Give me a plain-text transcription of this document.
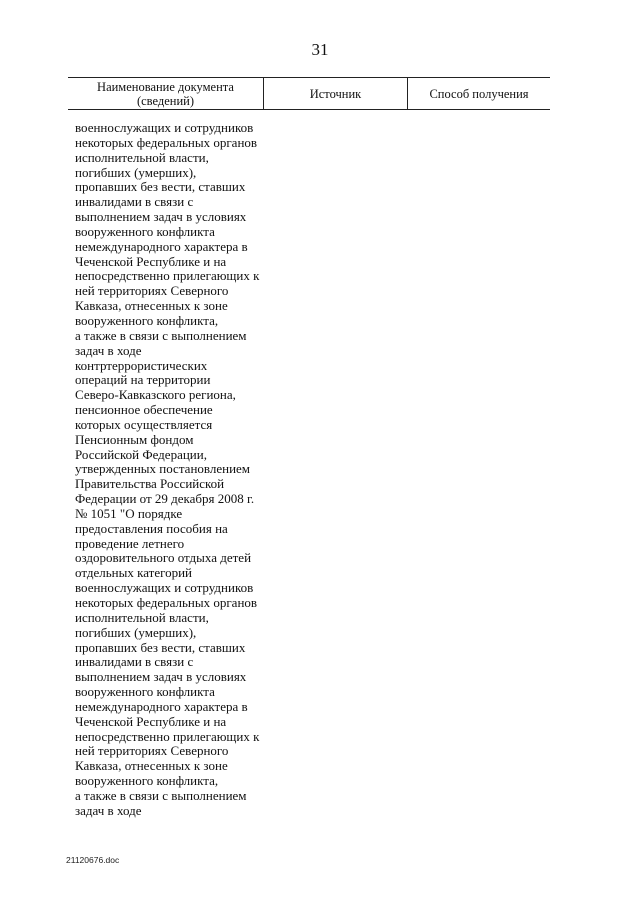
31
Наименование документа (сведений)	Источник	Способ получения
военнослужащих и сотрудников
некоторых федеральных органов
исполнительной власти,
погибших (умерших),
пропавших без вести, ставших
инвалидами в связи с
выполнением задач в условиях
вооруженного конфликта
немеждународного характера в
Чеченской Республике и на
непосредственно прилегающих к
ней территориях Северного
Кавказа, отнесенных к зоне
вооруженного конфликта,
а также в связи с выполнением
задач в ходе
контртеррористических
операций на территории
Северо-Кавказского региона,
пенсионное обеспечение
которых осуществляется
Пенсионным фондом
Российской Федерации,
утвержденных постановлением
Правительства Российской
Федерации от 29 декабря 2008 г.
№ 1051 "О порядке
предоставления пособия на
проведение летнего
оздоровительного отдыха детей
отдельных категорий
военнослужащих и сотрудников
некоторых федеральных органов
исполнительной власти,
погибших (умерших),
пропавших без вести, ставших
инвалидами в связи с
выполнением задач в условиях
вооруженного конфликта
немеждународного характера в
Чеченской Республике и на
непосредственно прилегающих к
ней территориях Северного
Кавказа, отнесенных к зоне
вооруженного конфликта,
а также в связи с выполнением
задач в ходе
21120676.doc
